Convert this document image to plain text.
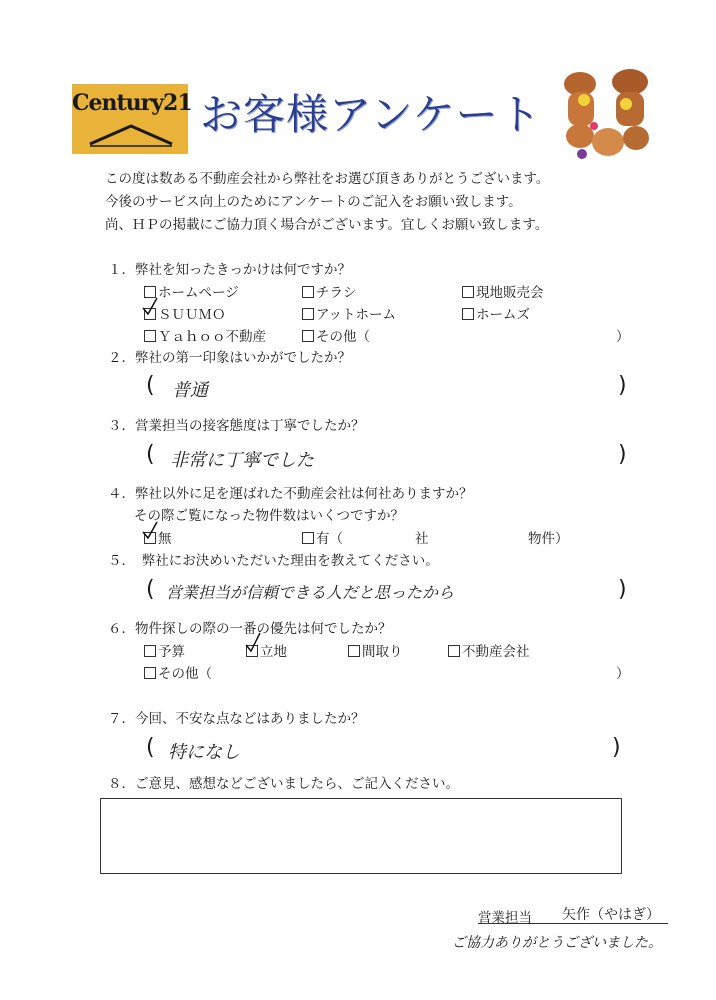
Century21 お客様アンケート
この度は数ある不動産会社から弊社をお選び頂きありがとうございます。
今後のサービス向上のためにアンケートのご記入をお願い致します。
尚、ＨＰの掲載にご協力頂く場合がございます。宜しくお願い致します。
１．弊社を知ったきっかけは何ですか？
ホームページ	チラシ	現地販売会
ＳＵＵＭＯ	アットホーム	ホームズ
Ｙａｈｏｏ不動産	その他（	）
２．弊社の第一印象はいかがでしたか？
( 普通	)
３．営業担当の接客態度は丁寧でしたか？
( 非常に丁寧でした	)
４．弊社以外に足を運ばれた不動産会社は何社ありますか？
その際ご覧になった物件数はいくつですか？
無	有（	社	物件）
５．　弊社にお決めいただいた理由を教えてください。
( 営業担当が信頼できる人だと思ったから	)
６．物件探しの際の一番の優先は何でしたか？
予算	立地	間取り	不動産会社
その他（	）
７．今回、不安な点などはありましたか？
( 特になし	)
８．ご意見、感想などございましたら、ご記入ください。
営業担当 矢作（やはぎ）
ご協力ありがとうございました。
